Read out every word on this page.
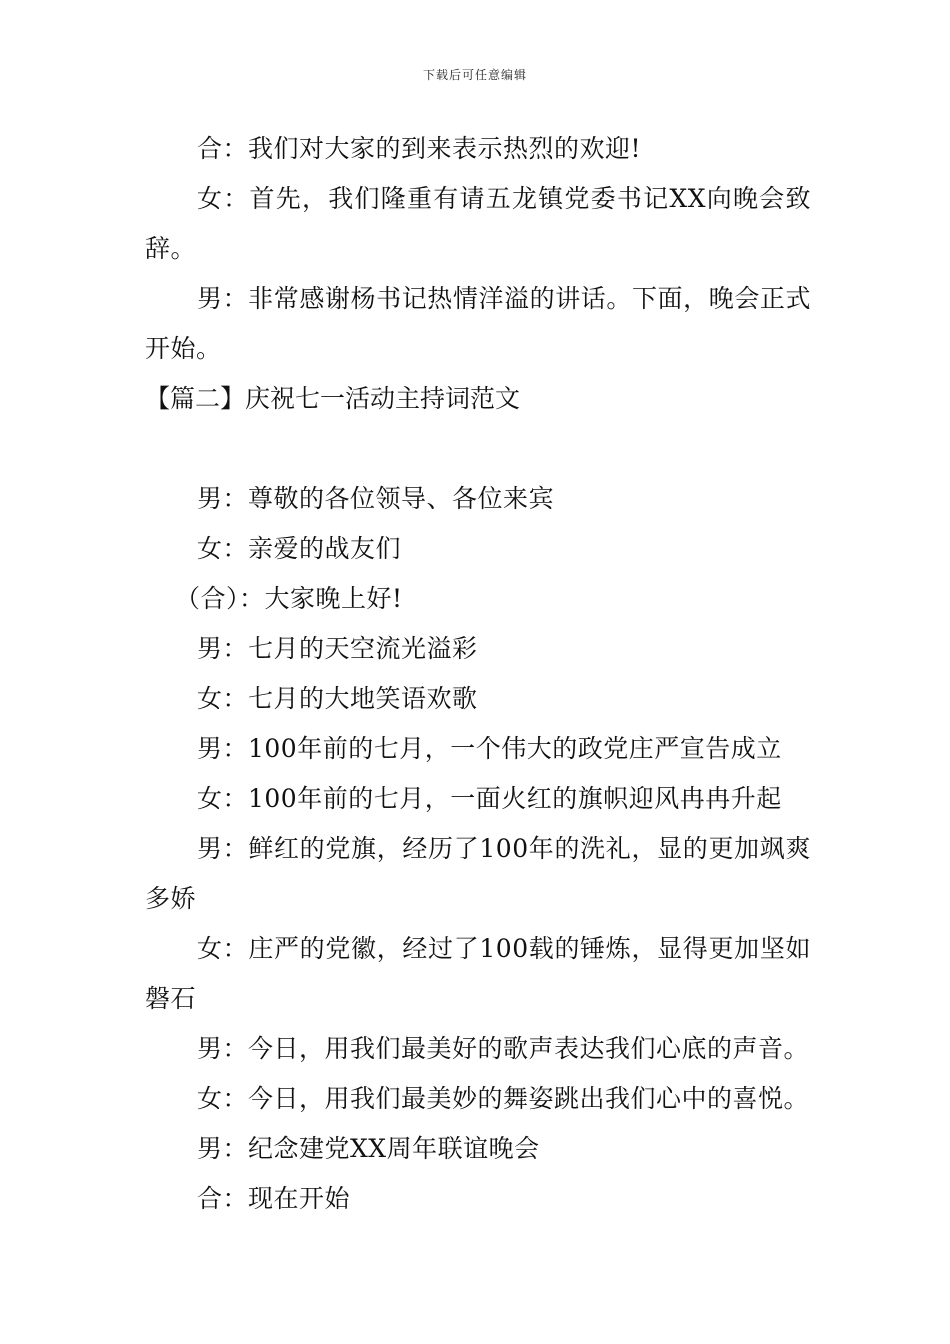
下载后可任意编辑

合：我们对大家的到来表示热烈的欢迎!

女：首先，我们隆重有请五龙镇党委书记XX向晚会致辞。

男：非常感谢杨书记热情洋溢的讲话。下面，晚会正式开始。

【篇二】庆祝七一活动主持词范文

男：尊敬的各位领导、各位来宾

女：亲爱的战友们

（合）：大家晚上好!

男：七月的天空流光溢彩

女：七月的大地笑语欢歌

男：100年前的七月，一个伟大的政党庄严宣告成立

女：100年前的七月，一面火红的旗帜迎风冉冉升起

男：鲜红的党旗，经历了100年的洗礼，显的更加飒爽多娇

女：庄严的党徽，经过了100载的锤炼，显得更加坚如磐石

男：今日，用我们最美好的歌声表达我们心底的声音。

女：今日，用我们最美妙的舞姿跳出我们心中的喜悦。

男：纪念建党XX周年联谊晚会

合：现在开始
